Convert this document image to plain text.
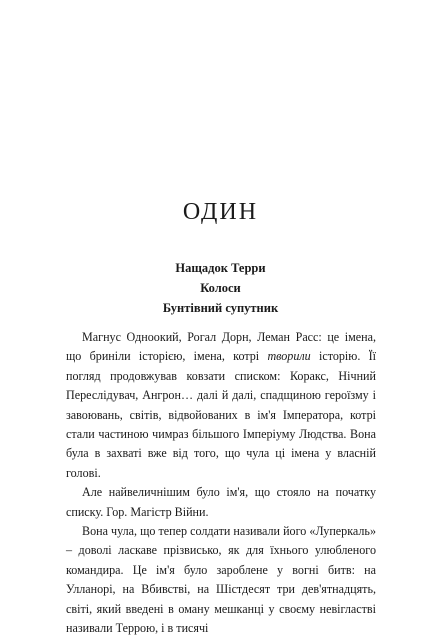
ОДИН
Нащадок Терри
Колоси
Бунтівний супутник

Магнус Одноокий, Рогал Дорн, Леман Расс: це імена, що бриніли історією, імена, котрі творили історію. Її погляд продовжував ковзати списком: Коракс, Нічний Переслідувач, Ангрон… далі й далі, спадщиною героїзму і завоювань, світів, відвойованих в ім'я Імператора, котрі стали частиною чимраз більшого Імперіуму Людства. Вона була в захваті вже від того, що чула ці імена у власній голові.

Але найвеличнішим було ім'я, що стояло на початку списку. Гор. Магістр Війни.

Вона чула, що тепер солдати називали його «Луперкаль» – доволі ласкаве прізвисько, як для їхнього улюбленого командира. Це ім'я було зароблене у вогні битв: на Улланорі, на Вбивстві, на Шістдесят три дев'ятнадцять, світі, який введені в оману мешканці у своєму невігластві називали Террою, і в тисячі
